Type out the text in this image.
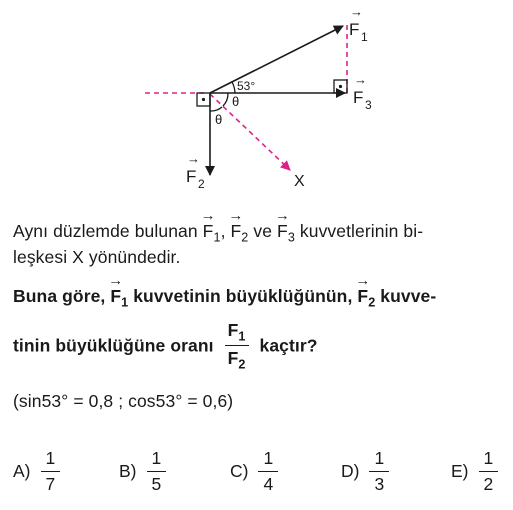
53°
θ
θ
→
F 1
→
F 3
→
F 2	X
Aynı düzlemde bulunan → $F_1$, → $F_2$ ve → $F_3$ kuvvetlerinin bi-
leşkesi X yönündedir.
Buna göre, → $F_1$ kuvvetinin büyüklüğünün, → $F_2$ kuvve-
tinin büyüklüğüne oranı $\frac{F_1}{F_2}$ kaçtır?
(sin53° = 0,8 ; cos53° = 0,6)
$A) \frac{1}{7}$	$B) \frac{1}{5}$	$C) \frac{1}{4}$	$D) \frac{1}{3}$	$E) \frac{1}{2}$
